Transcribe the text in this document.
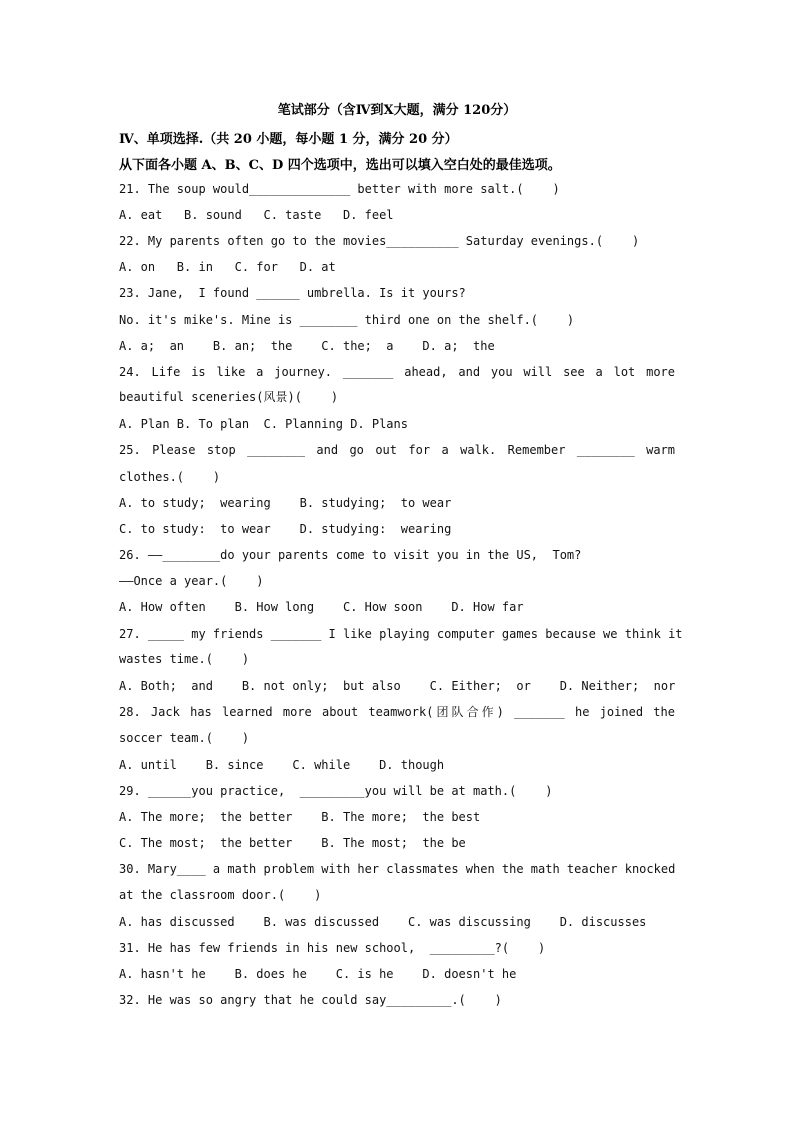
笔试部分（含Ⅳ到Ⅹ大题，满分 120分）
Ⅳ、单项选择.（共 20 小题，每小题 1 分，满分 20 分）
从下面各小题 A、B、C、D 四个选项中，选出可以填入空白处的最佳选项。
21. The soup would______________ better with more salt.(    )
A. eat   B. sound   C. taste   D. feel
22. My parents often go to the movies__________ Saturday evenings.(    )
A. on   B. in   C. for   D. at
23. Jane,  I found ______ umbrella. Is it yours?
No. it's mike's. Mine is ________ third one on the shelf.(    )
A. a;  an    B. an;  the    C. the;  a    D. a;  the
24. Life is like a journey. _______ ahead, and you will see a lot more
beautiful sceneries(风景)(    )
A. Plan B. To plan  C. Planning D. Plans
25. Please stop ________ and go out for a walk. Remember ________ warm
clothes.(    )
A. to study;  wearing    B. studying;  to wear
C. to study:  to wear    D. studying:  wearing
26. ——________do your parents come to visit you in the US,  Tom?
——Once a year.(    )
A. How often    B. How long    C. How soon    D. How far
27. _____ my friends _______ I like playing computer games because we think it
wastes time.(    )
A. Both;  and    B. not only;  but also    C. Either;  or    D. Neither;  nor
28. Jack has learned more about teamwork(团队合作) _______ he joined the
soccer team.(    )
A. until    B. since    C. while    D. though
29. ______you practice,  _________you will be at math.(    )
A. The more;  the better    B. The more;  the best
C. The most;  the better    B. The most;  the be
30. Mary____ a math problem with her classmates when the math teacher knocked
at the classroom door.(    )
A. has discussed    B. was discussed    C. was discussing    D. discusses
31. He has few friends in his new school,  _________?(    )
A. hasn't he    B. does he    C. is he    D. doesn't he
32. He was so angry that he could say_________.(    )
